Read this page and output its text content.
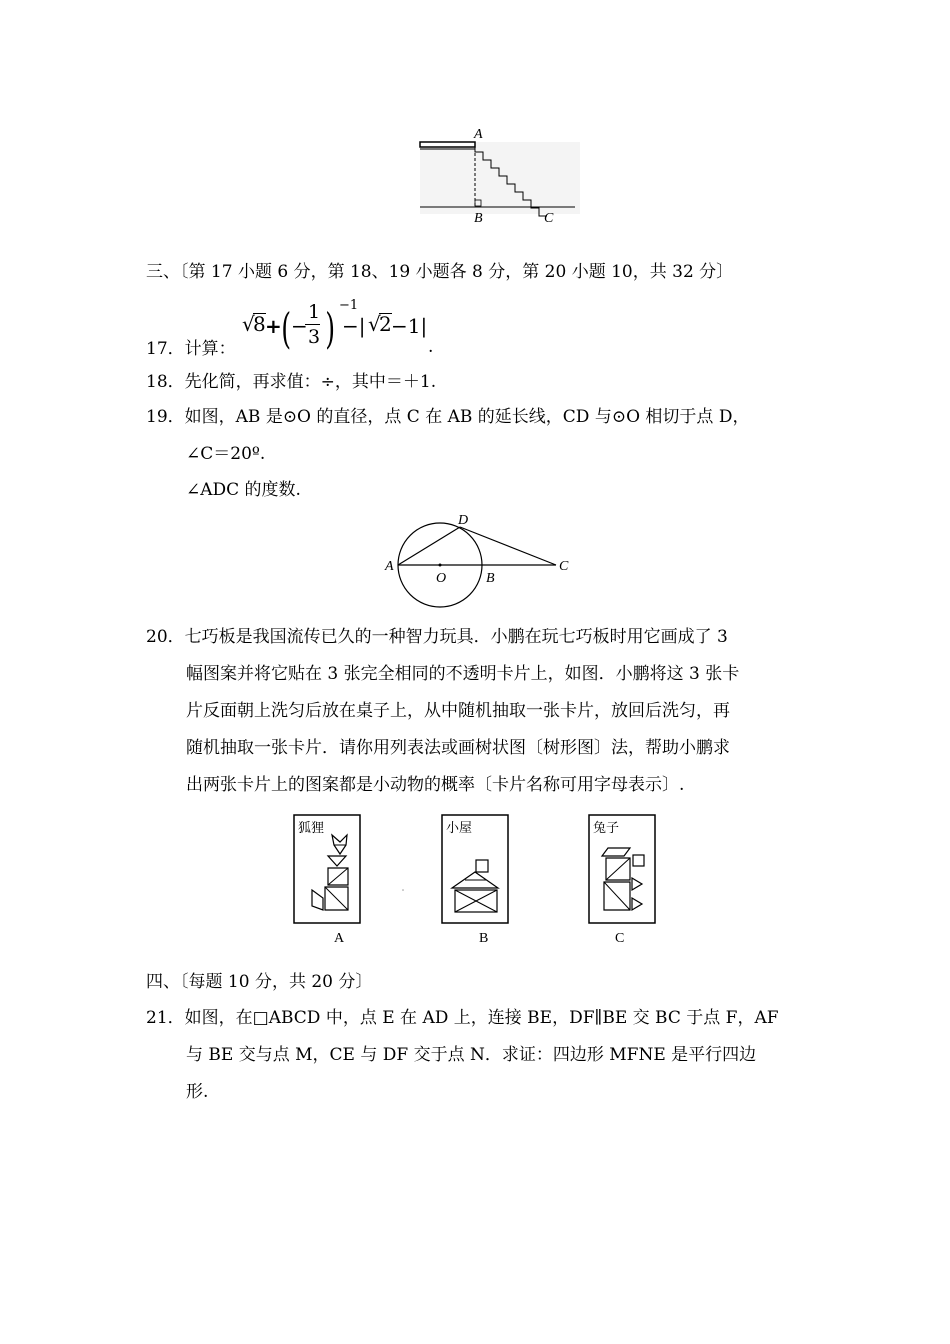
A
B	C
三、〔第 17 小题 6 分，第 18、19 小题各 8 分，第 20 小题 10，共 32 分〕
17．计算：
√
8 + ( −
1
3 ) −1
−| √
2 −1|
.
18．先化简，再求值：÷，其中＝＋1.
19．如图，AB 是⊙O 的直径，点 C 在 AB 的延长线，CD 与⊙O 相切于点 D，
∠C＝20º.
∠ADC 的度数.
A
O	B
C
D
20．七巧板是我国流传已久的一种智力玩具．小鹏在玩七巧板时用它画成了 3
幅图案并将它贴在 3 张完全相同的不透明卡片上，如图．小鹏将这 3 张卡
片反面朝上洗匀后放在桌子上，从中随机抽取一张卡片，放回后洗匀，再
随机抽取一张卡片．请你用列表法或画树状图〔树形图〕法，帮助小鹏求
出两张卡片上的图案都是小动物的概率〔卡片名称可用字母表示〕.
狐狸
A
小屋
B
兔子
C
四、〔每题 10 分，共 20 分〕
21．如图，在□ABCD 中，点 E 在 AD 上，连接 BE，DF∥BE 交 BC 于点 F，AF
与 BE 交与点 M，CE 与 DF 交于点 N．求证：四边形 MFNE 是平行四边
形.
